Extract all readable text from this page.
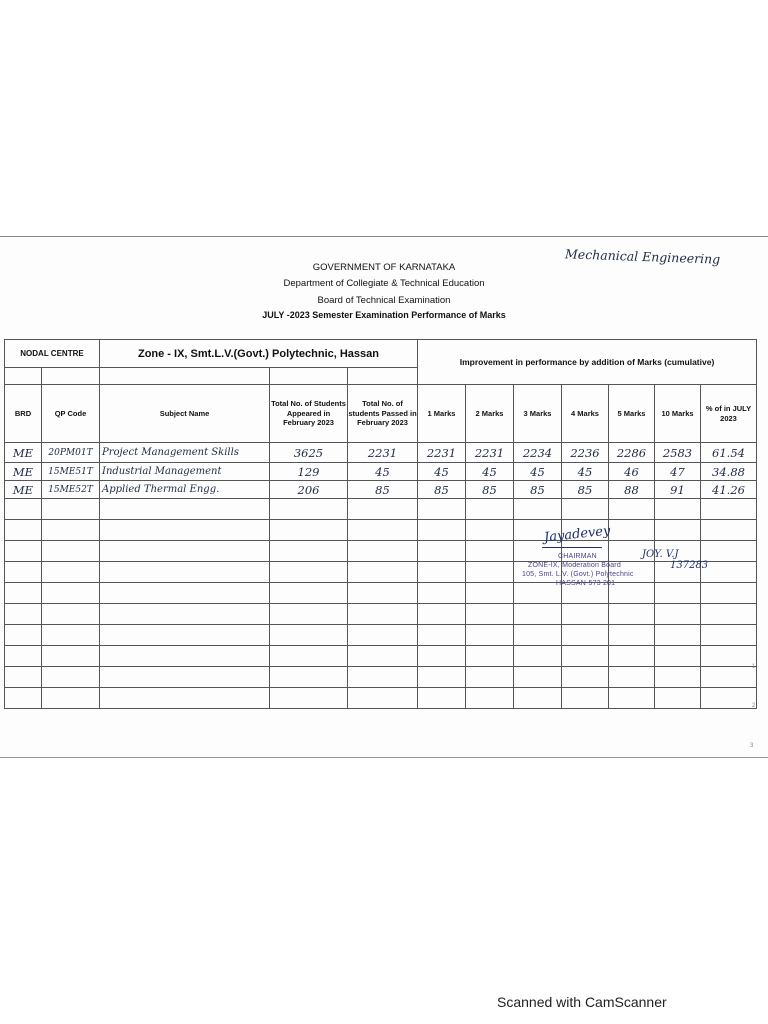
GOVERNMENT OF KARNATAKA
Department of Collegiate & Technical Education
Board of Technical Examination
JULY -2023 Semester Examination Performance of Marks
Mechanical Engineering
NODAL CENTRE		Zone - IX, Smt.L.V.(Govt.) Polytechnic, Hassan			Improvement in performance by addition of Marks (cumulative)						

BRD	QP Code	Subject Name	Total No. of Students Appeared in February 2023	Total No. of students Passed in February 2023	1 Marks	2 Marks	3 Marks	4 Marks	5 Marks	10 Marks	% of in JULY 2023
ME	20PM01T	Project Management Skills	3625	2231	2231	2231	2234	2236	2286	2583	61.54
ME	15ME51T	Industrial Management	129	45	45	45	45	45	46	47	34.88
ME	15ME52T	Applied Thermal Engg.	206	85	85	85	85	85	88	91	41.26

Jayadevey
CHAIRMAN
ZONE-IX, Moderation Board
105, Smt. L.V. (Govt.) Polytechnic
HASSAN-573 201
JOY. V.J
137283
1
2
3
Scanned with CamScanner
